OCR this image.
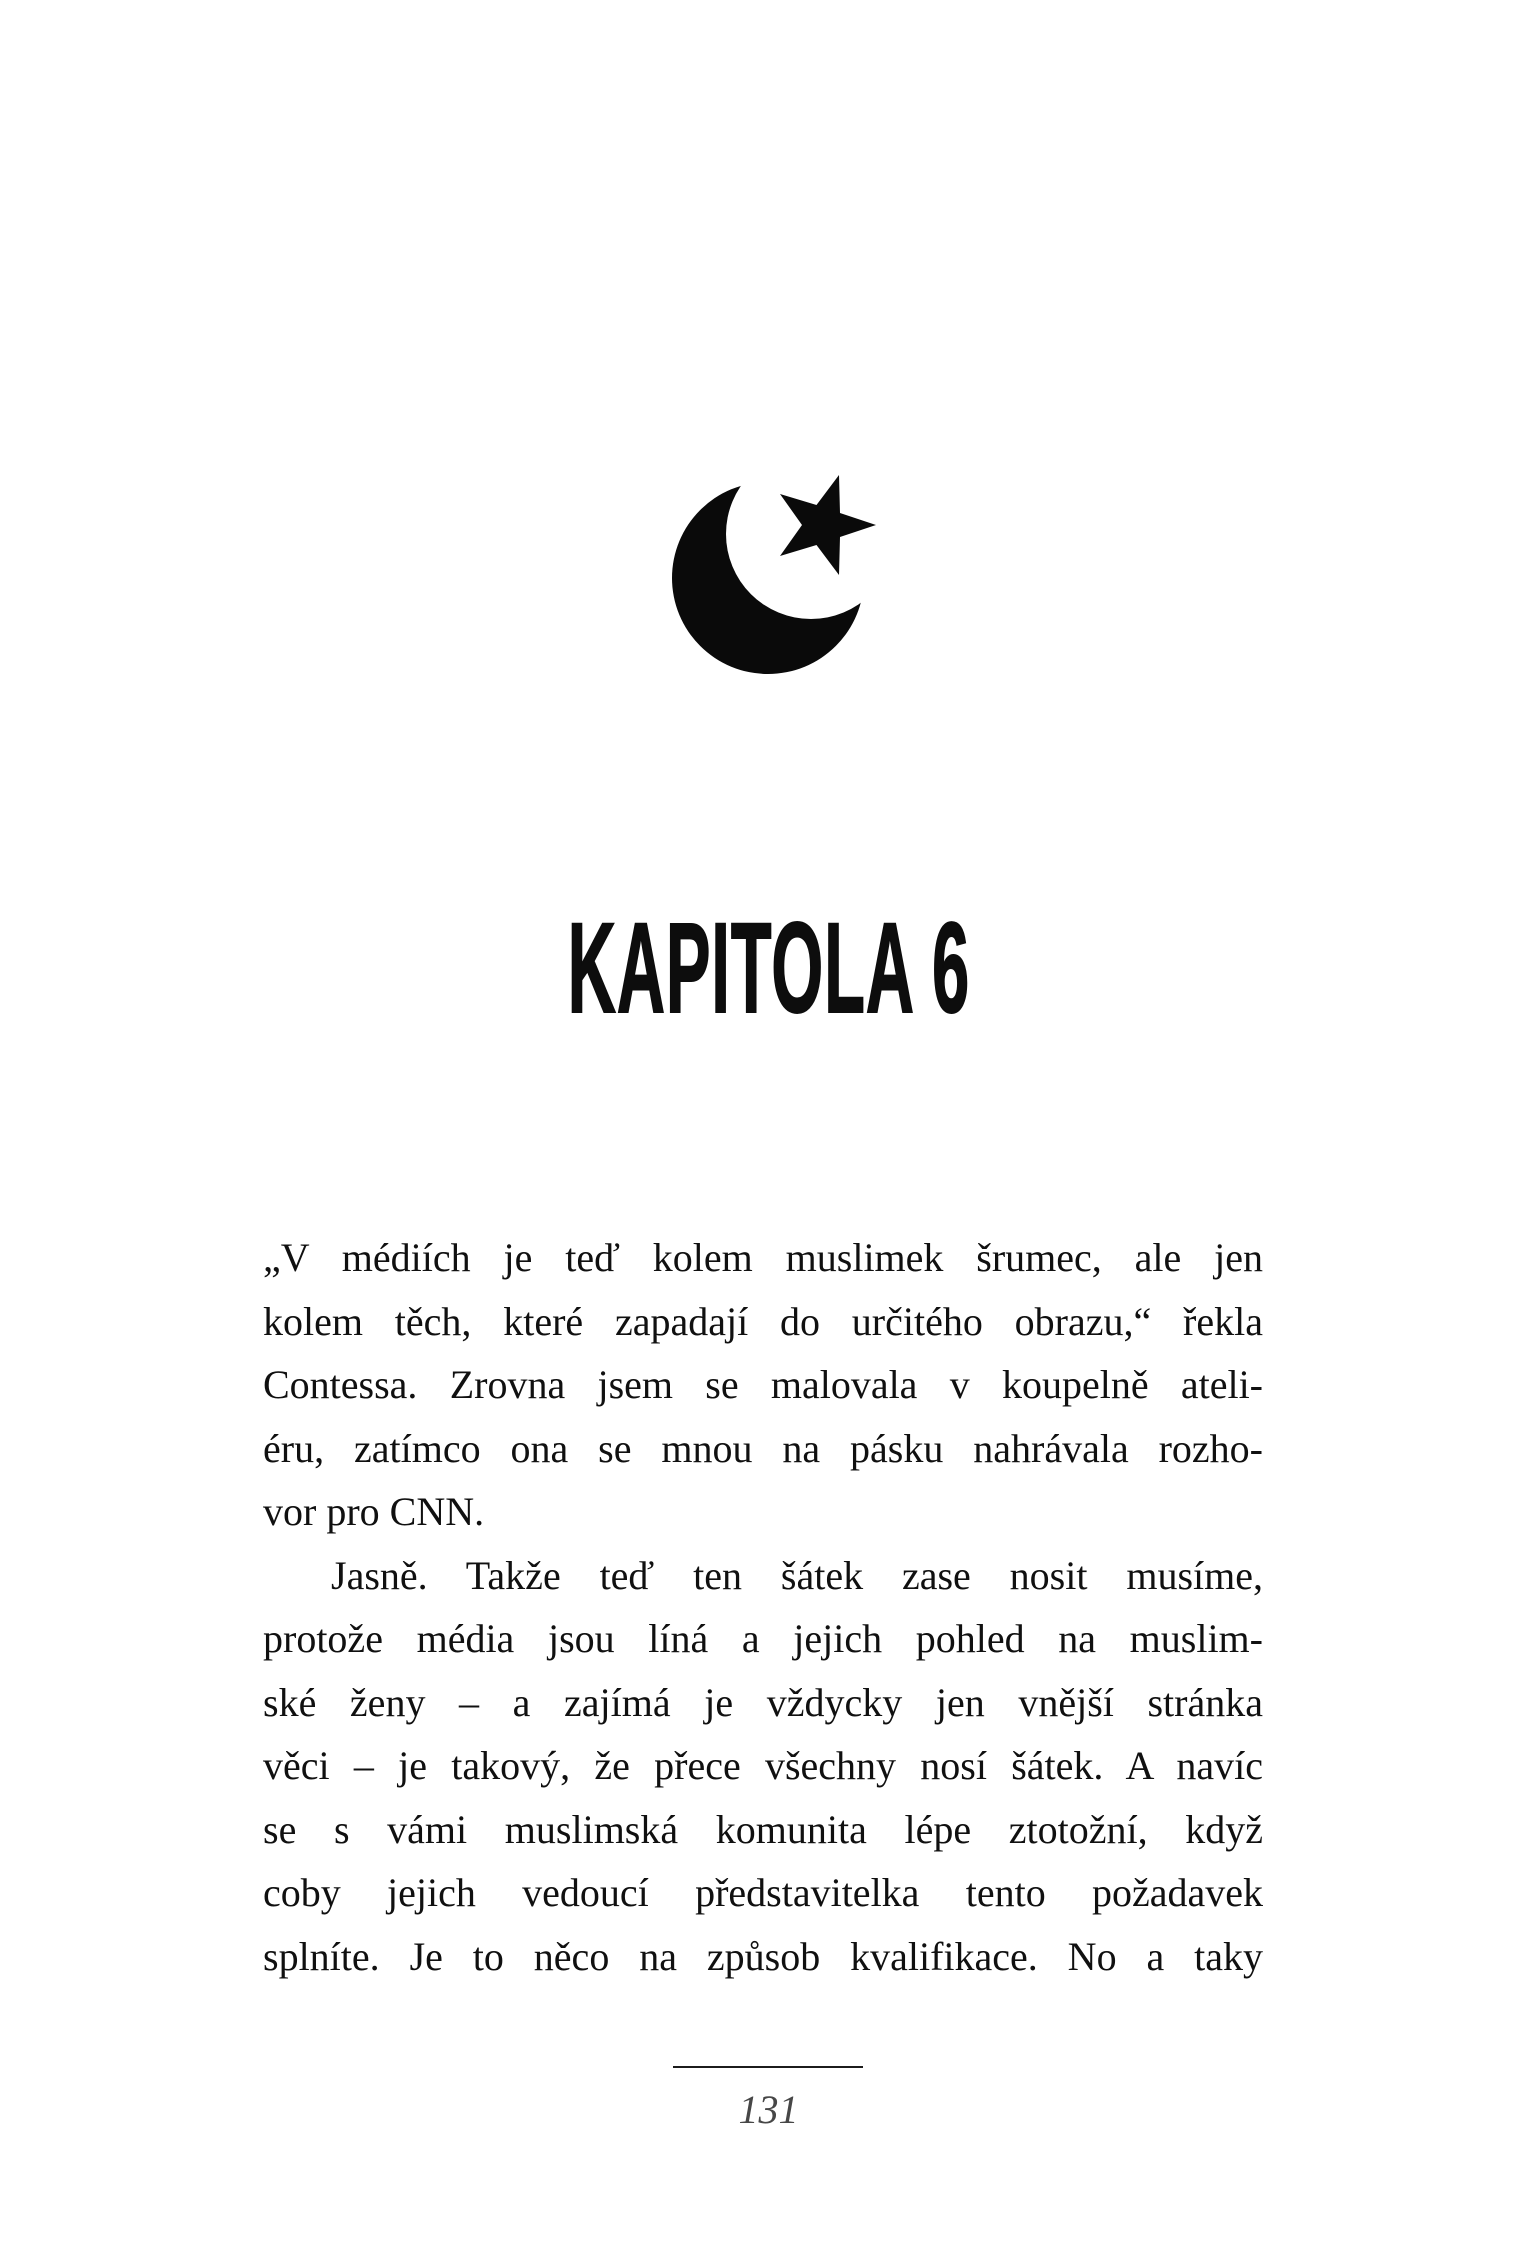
KAPITOLA 6
„V médiích je teď kolem muslimek šrumec, ale jen
kolem těch, které zapadají do určitého obrazu,“ řekla
Contessa. Zrovna jsem se malovala v koupelně ateli-
éru, zatímco ona se mnou na pásku nahrávala rozho-
vor pro CNN.
Jasně. Takže teď ten šátek zase nosit musíme,
protože média jsou líná a jejich pohled na muslim-
ské ženy – a zajímá je vždycky jen vnější stránka
věci – je takový, že přece všechny nosí šátek. A navíc
se s vámi muslimská komunita lépe ztotožní, když
coby jejich vedoucí představitelka tento požadavek
splníte. Je to něco na způsob kvalifikace. No a taky
131
